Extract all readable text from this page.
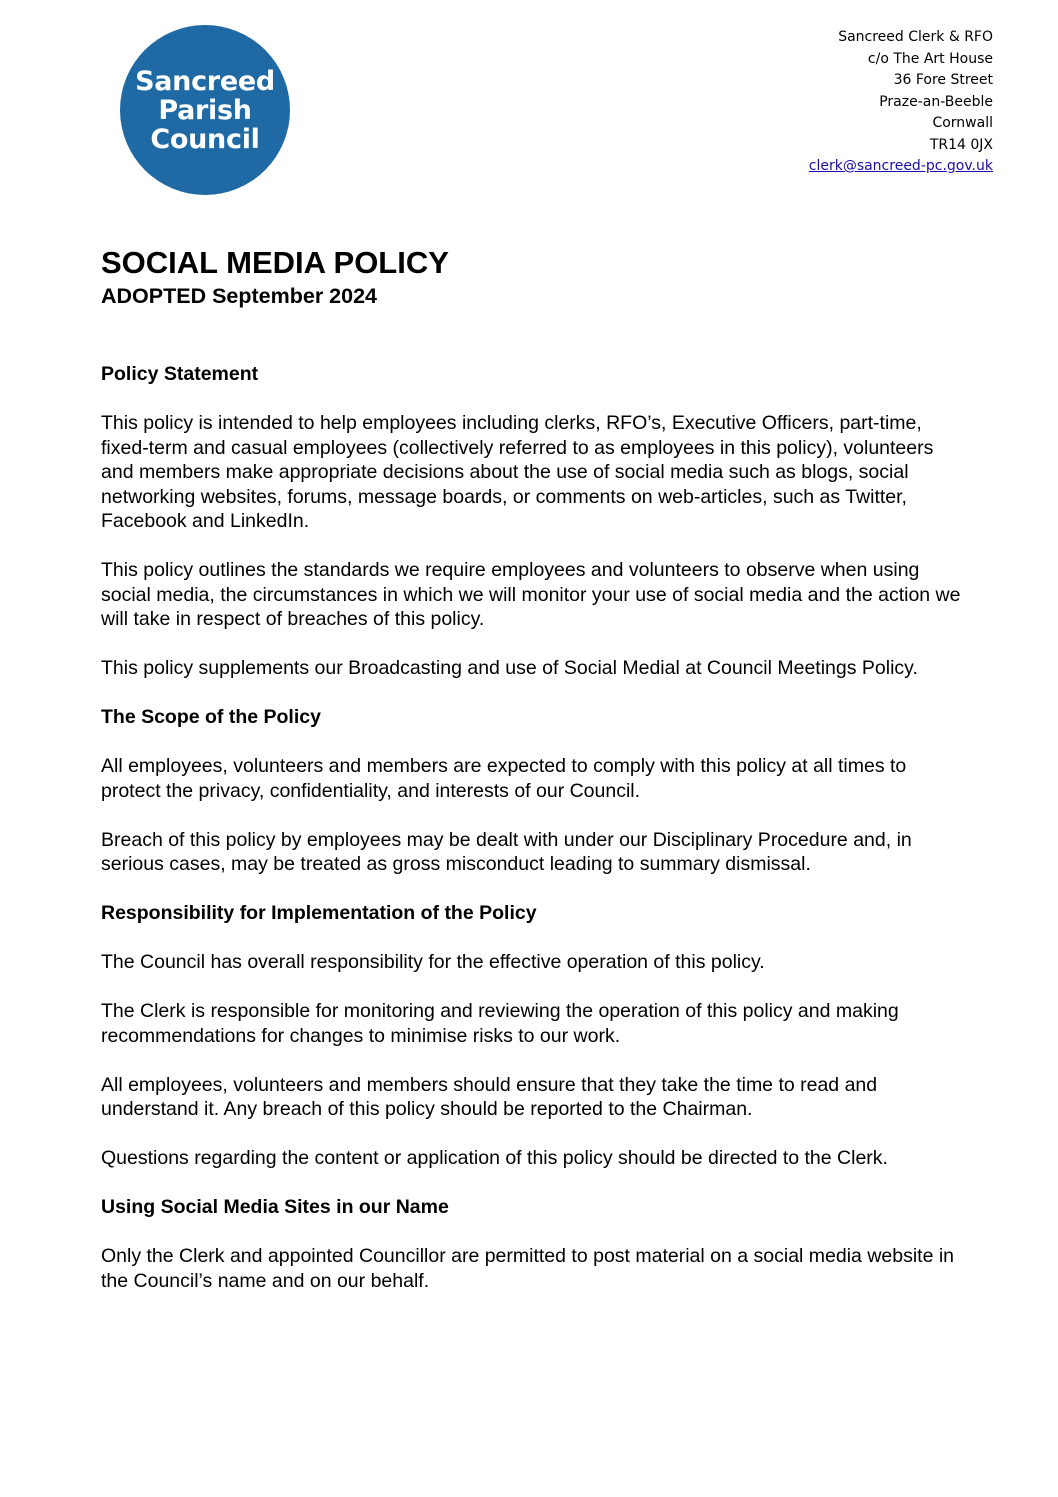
Sancreed
Parish
Council
Sancreed Clerk & RFO
c/o The Art House
36 Fore Street
Praze-an-Beeble
Cornwall
TR14 0JX
clerk@sancreed-pc.gov.uk
SOCIAL MEDIA POLICY
ADOPTED September 2024
Policy Statement

This policy is intended to help employees including clerks, RFO’s, Executive Officers, part-time, fixed-term and casual employees (collectively referred to as employees in this policy), volunteers and members make appropriate decisions about the use of social media such as blogs, social networking websites, forums, message boards, or comments on web-articles, such as Twitter, Facebook and LinkedIn.

This policy outlines the standards we require employees and volunteers to observe when using social media, the circumstances in which we will monitor your use of social media and the action we will take in respect of breaches of this policy.

This policy supplements our Broadcasting and use of Social Medial at Council Meetings Policy.

The Scope of the Policy

All employees, volunteers and members are expected to comply with this policy at all times to protect the privacy, confidentiality, and interests of our Council.

Breach of this policy by employees may be dealt with under our Disciplinary Procedure and, in serious cases, may be treated as gross misconduct leading to summary dismissal.

Responsibility for Implementation of the Policy

The Council has overall responsibility for the effective operation of this policy.

The Clerk is responsible for monitoring and reviewing the operation of this policy and making recommendations for changes to minimise risks to our work.

All employees, volunteers and members should ensure that they take the time to read and understand it. Any breach of this policy should be reported to the Chairman.

Questions regarding the content or application of this policy should be directed to the Clerk.

Using Social Media Sites in our Name

Only the Clerk and appointed Councillor are permitted to post material on a social media website in the Council’s name and on our behalf.
